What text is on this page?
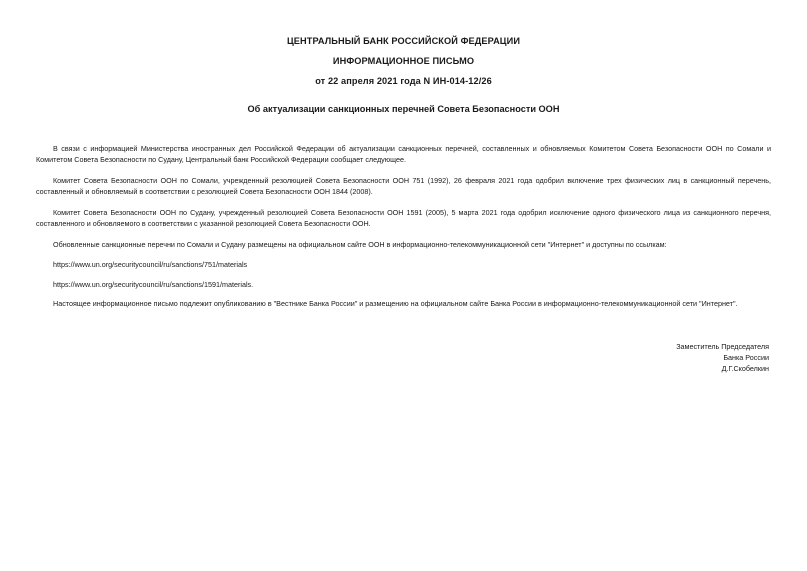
ЦЕНТРАЛЬНЫЙ БАНК РОССИЙСКОЙ ФЕДЕРАЦИИ
ИНФОРМАЦИОННОЕ ПИСЬМО
от 22 апреля 2021 года N ИН-014-12/26
Об актуализации санкционных перечней Совета Безопасности ООН
В связи с информацией Министерства иностранных дел Российской Федерации об актуализации санкционных перечней, составленных и обновляемых Комитетом Совета Безопасности ООН по Сомали и Комитетом Совета Безопасности по Судану, Центральный банк Российской Федерации сообщает следующее.
Комитет Совета Безопасности ООН по Сомали, учрежденный резолюцией Совета Безопасности ООН 751 (1992), 26 февраля 2021 года одобрил включение трех физических лиц в санкционный перечень, составленный и обновляемый в соответствии с резолюцией Совета Безопасности ООН 1844 (2008).
Комитет Совета Безопасности ООН по Судану, учрежденный резолюцией Совета Безопасности ООН 1591 (2005), 5 марта 2021 года одобрил исключение одного физического лица из санкционного перечня, составленного и обновляемого в соответствии с указанной резолюцией Совета Безопасности ООН.
Обновленные санкционные перечни по Сомали и Судану размещены на официальном сайте ООН в информационно-телекоммуникационной сети "Интернет" и доступны по ссылкам:
https://www.un.org/securitycouncil/ru/sanctions/751/materials
https://www.un.org/securitycouncil/ru/sanctions/1591/materials.
Настоящее информационное письмо подлежит опубликованию в "Вестнике Банка России" и размещению на официальном сайте Банка России в информационно-телекоммуникационной сети "Интернет".
Заместитель Председателя
Банка России
Д.Г.Скобелкин
